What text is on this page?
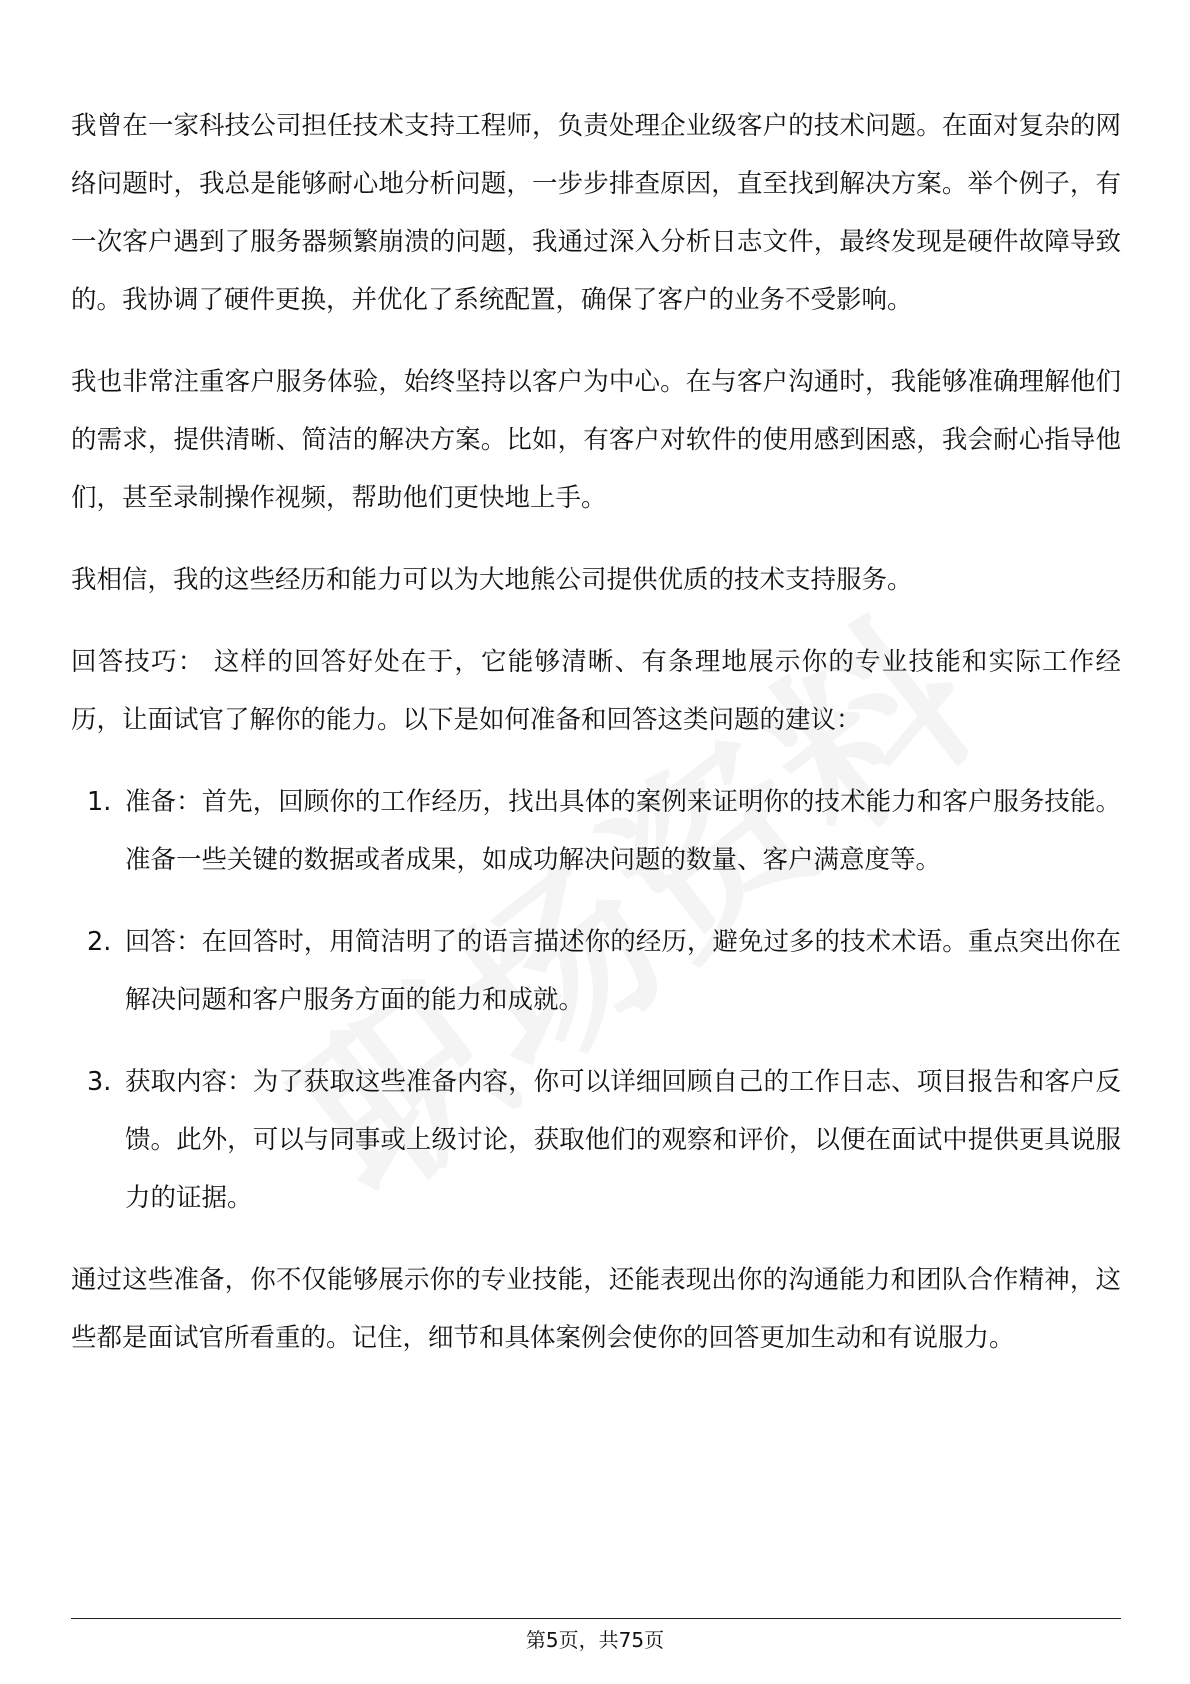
我曾在一家科技公司担任技术支持工程师，负责处理企业级客户的技术问题。在面对复杂的网络问题时，我总是能够耐心地分析问题，一步步排查原因，直至找到解决方案。举个例子，有一次客户遇到了服务器频繁崩溃的问题，我通过深入分析日志文件，最终发现是硬件故障导致的。我协调了硬件更换，并优化了系统配置，确保了客户的业务不受影响。

我也非常注重客户服务体验，始终坚持以客户为中心。在与客户沟通时，我能够准确理解他们的需求，提供清晰、简洁的解决方案。比如，有客户对软件的使用感到困惑，我会耐心指导他们，甚至录制操作视频，帮助他们更快地上手。

我相信，我的这些经历和能力可以为大地熊公司提供优质的技术支持服务。

回答技巧： 这样的回答好处在于，它能够清晰、有条理地展示你的专业技能和实际工作经历，让面试官了解你的能力。以下是如何准备和回答这类问题的建议：

1. 准备：首先，回顾你的工作经历，找出具体的案例来证明你的技术能力和客户服务技能。准备一些关键的数据或者成果，如成功解决问题的数量、客户满意度等。
2. 回答：在回答时，用简洁明了的语言描述你的经历，避免过多的技术术语。重点突出你在解决问题和客户服务方面的能力和成就。
3. 获取内容：为了获取这些准备内容，你可以详细回顾自己的工作日志、项目报告和客户反馈。此外，可以与同事或上级讨论，获取他们的观察和评价，以便在面试中提供更具说服力的证据。

通过这些准备，你不仅能够展示你的专业技能，还能表现出你的沟通能力和团队合作精神，这些都是面试官所看重的。记住，细节和具体案例会使你的回答更加生动和有说服力。

第5页，共75页
